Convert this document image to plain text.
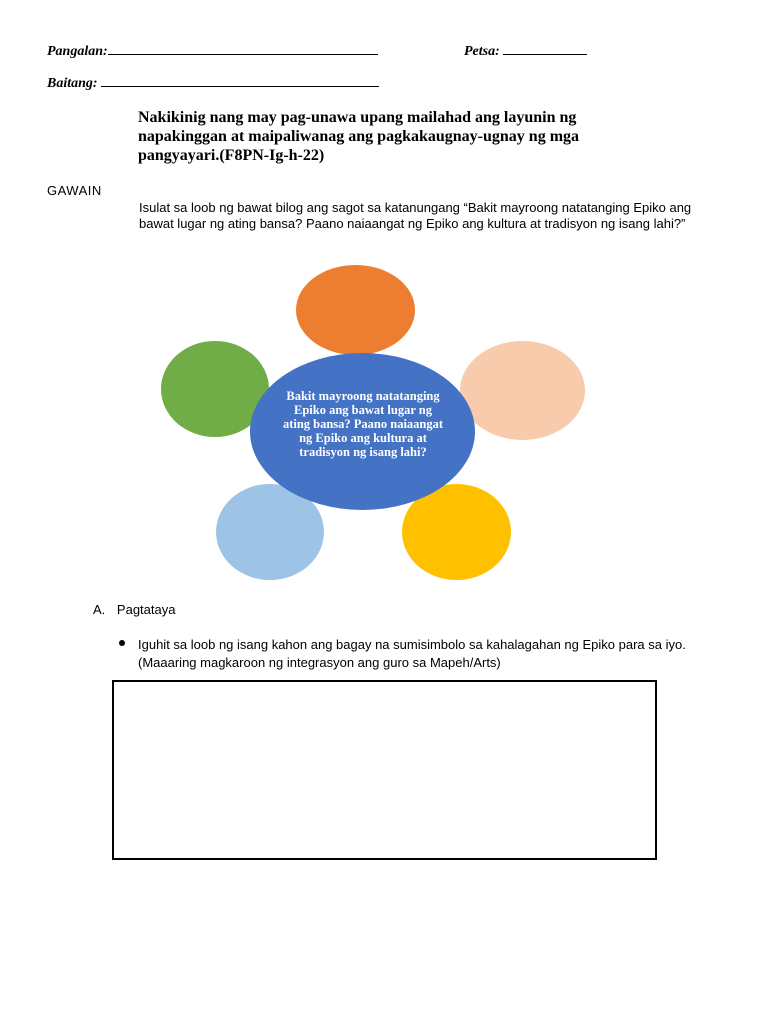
Pangalan:	Petsa:
Baitang:
Nakikinig nang may pag-unawa upang mailahad ang layunin ng napakinggan at maipaliwanag ang pagkakaugnay-ugnay ng mga pangyayari.(F8PN-Ig-h-22)
GAWAIN
Isulat sa loob ng bawat bilog ang sagot sa katanungang “Bakit mayroong natatanging Epiko ang bawat lugar ng ating bansa? Paano naiaangat ng Epiko ang kultura at tradisyon ng isang lahi?”
Bakit mayroong natatanging Epiko ang bawat lugar ng ating bansa? Paano naiaangat ng Epiko ang kultura at tradisyon ng isang lahi?
A. Pagtataya
Iguhit sa loob ng isang kahon ang bagay na sumisimbolo sa kahalagahan ng Epiko para sa iyo. (Maaaring magkaroon ng integrasyon ang guro sa Mapeh/Arts)
